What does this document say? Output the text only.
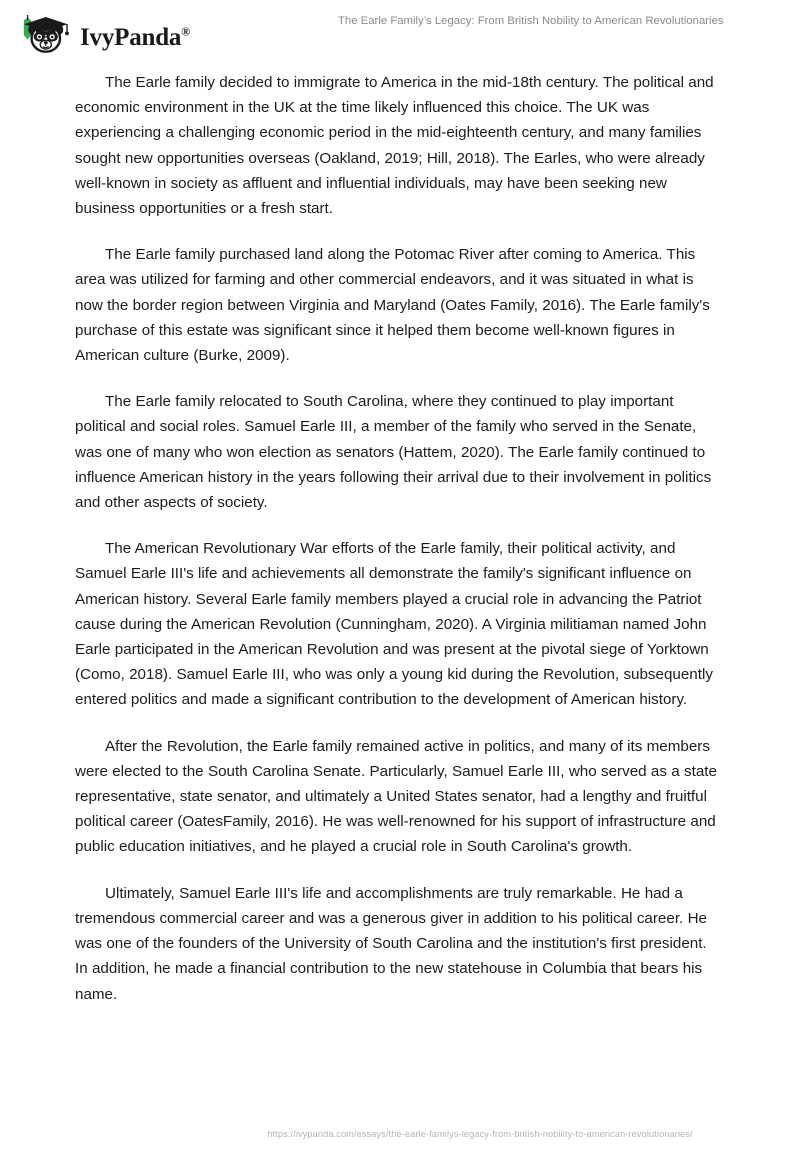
IvyPanda®
The Earle Family’s Legacy: From British Nobility to American Revolutionaries

The Earle family decided to immigrate to America in the mid-18th century. The political and economic environment in the UK at the time likely influenced this choice. The UK was experiencing a challenging economic period in the mid-eighteenth century, and many families sought new opportunities overseas (Oakland, 2019; Hill, 2018). The Earles, who were already well-known in society as affluent and influential individuals, may have been seeking new business opportunities or a fresh start.

The Earle family purchased land along the Potomac River after coming to America. This area was utilized for farming and other commercial endeavors, and it was situated in what is now the border region between Virginia and Maryland (Oates Family, 2016). The Earle family's purchase of this estate was significant since it helped them become well-known figures in American culture (Burke, 2009).

The Earle family relocated to South Carolina, where they continued to play important political and social roles. Samuel Earle III, a member of the family who served in the Senate, was one of many who won election as senators (Hattem, 2020). The Earle family continued to influence American history in the years following their arrival due to their involvement in politics and other aspects of society.

The American Revolutionary War efforts of the Earle family, their political activity, and Samuel Earle III's life and achievements all demonstrate the family's significant influence on American history. Several Earle family members played a crucial role in advancing the Patriot cause during the American Revolution (Cunningham, 2020). A Virginia militiaman named John Earle participated in the American Revolution and was present at the pivotal siege of Yorktown (Como, 2018). Samuel Earle III, who was only a young kid during the Revolution, subsequently entered politics and made a significant contribution to the development of American history.

After the Revolution, the Earle family remained active in politics, and many of its members were elected to the South Carolina Senate. Particularly, Samuel Earle III, who served as a state representative, state senator, and ultimately a United States senator, had a lengthy and fruitful political career (OatesFamily, 2016). He was well-renowned for his support of infrastructure and public education initiatives, and he played a crucial role in South Carolina's growth.

Ultimately, Samuel Earle III's life and accomplishments are truly remarkable. He had a tremendous commercial career and was a generous giver in addition to his political career. He was one of the founders of the University of South Carolina and the institution's first president. In addition, he made a financial contribution to the new statehouse in Columbia that bears his name.

https://ivypanda.com/essays/the-earle-familys-legacy-from-british-nobility-to-american-revolutionaries/
